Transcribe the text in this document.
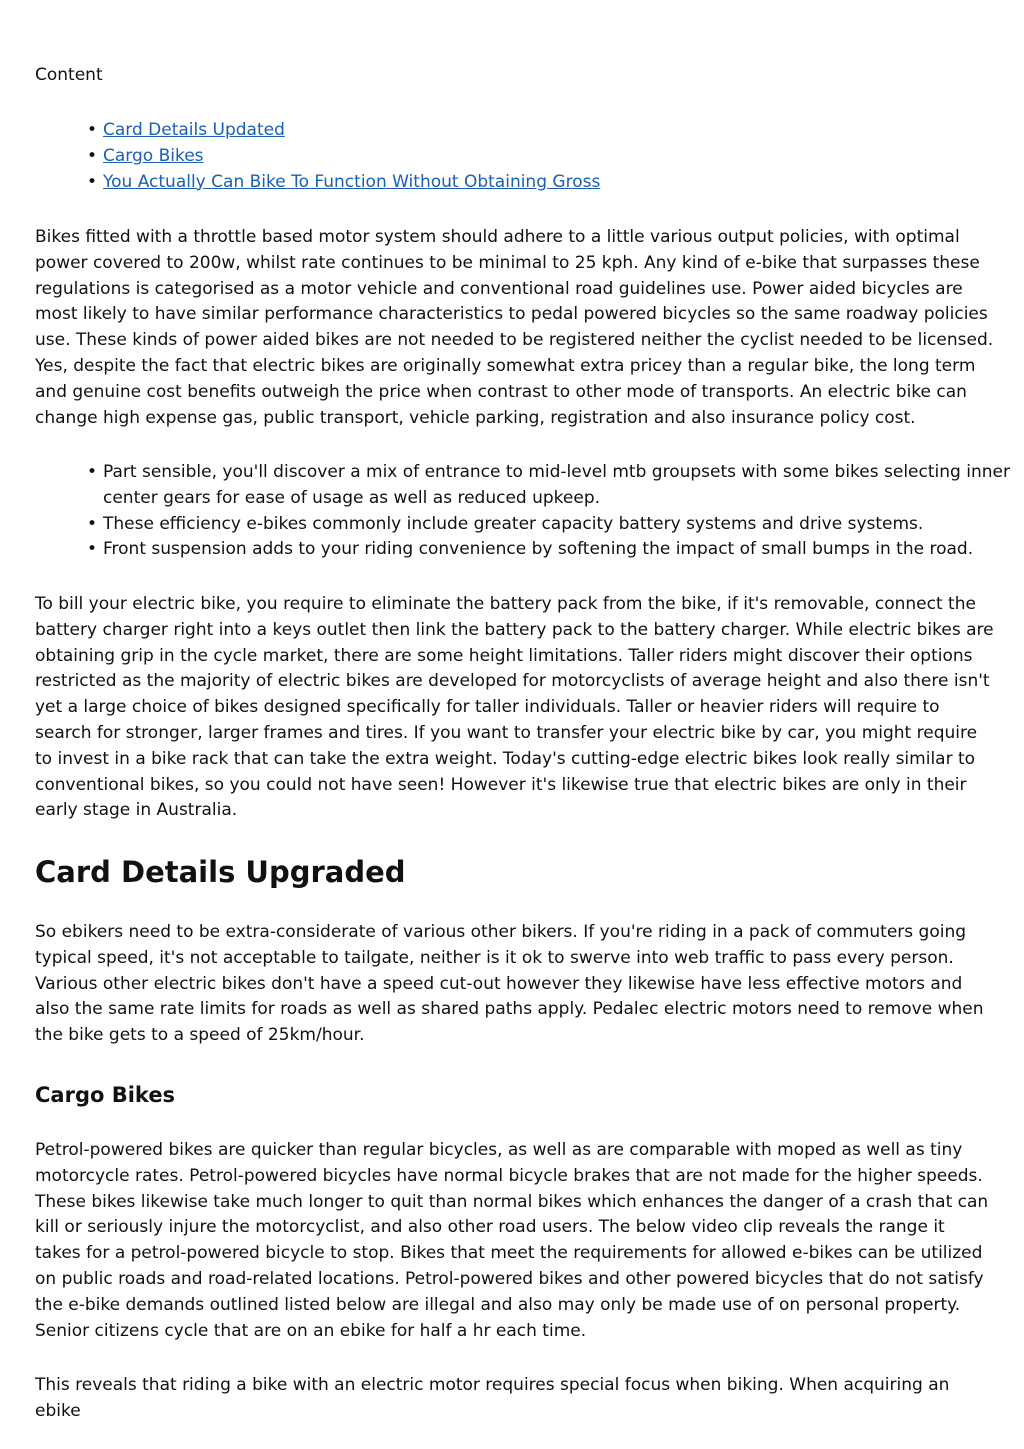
Content

• Card Details Updated
• Cargo Bikes
• You Actually Can Bike To Function Without Obtaining Gross

Bikes fitted with a throttle based motor system should adhere to a little various output policies, with optimal power covered to 200w, whilst rate continues to be minimal to 25 kph. Any kind of e-bike that surpasses these regulations is categorised as a motor vehicle and conventional road guidelines use. Power aided bicycles are most likely to have similar performance characteristics to pedal powered bicycles so the same roadway policies use. These kinds of power aided bikes are not needed to be registered neither the cyclist needed to be licensed. Yes, despite the fact that electric bikes are originally somewhat extra pricey than a regular bike, the long term and genuine cost benefits outweigh the price when contrast to other mode of transports. An electric bike can change high expense gas, public transport, vehicle parking, registration and also insurance policy cost.

• Part sensible, you'll discover a mix of entrance to mid-level mtb groupsets with some bikes selecting inner center gears for ease of usage as well as reduced upkeep.
• These efficiency e-bikes commonly include greater capacity battery systems and drive systems.
• Front suspension adds to your riding convenience by softening the impact of small bumps in the road.

To bill your electric bike, you require to eliminate the battery pack from the bike, if it's removable, connect the battery charger right into a keys outlet then link the battery pack to the battery charger. While electric bikes are obtaining grip in the cycle market, there are some height limitations. Taller riders might discover their options restricted as the majority of electric bikes are developed for motorcyclists of average height and also there isn't yet a large choice of bikes designed specifically for taller individuals. Taller or heavier riders will require to search for stronger, larger frames and tires. If you want to transfer your electric bike by car, you might require to invest in a bike rack that can take the extra weight. Today's cutting-edge electric bikes look really similar to conventional bikes, so you could not have seen! However it's likewise true that electric bikes are only in their early stage in Australia.

Card Details Upgraded

So ebikers need to be extra-considerate of various other bikers. If you're riding in a pack of commuters going typical speed, it's not acceptable to tailgate, neither is it ok to swerve into web traffic to pass every person. Various other electric bikes don't have a speed cut-out however they likewise have less effective motors and also the same rate limits for roads as well as shared paths apply. Pedalec electric motors need to remove when the bike gets to a speed of 25km/hour.

Cargo Bikes

Petrol-powered bikes are quicker than regular bicycles, as well as are comparable with moped as well as tiny motorcycle rates. Petrol-powered bicycles have normal bicycle brakes that are not made for the higher speeds. These bikes likewise take much longer to quit than normal bikes which enhances the danger of a crash that can kill or seriously injure the motorcyclist, and also other road users. The below video clip reveals the range it takes for a petrol-powered bicycle to stop. Bikes that meet the requirements for allowed e-bikes can be utilized on public roads and road-related locations. Petrol-powered bikes and other powered bicycles that do not satisfy the e-bike demands outlined listed below are illegal and also may only be made use of on personal property. Senior citizens cycle that are on an ebike for half a hr each time.

This reveals that riding a bike with an electric motor requires special focus when biking. When acquiring an ebike
